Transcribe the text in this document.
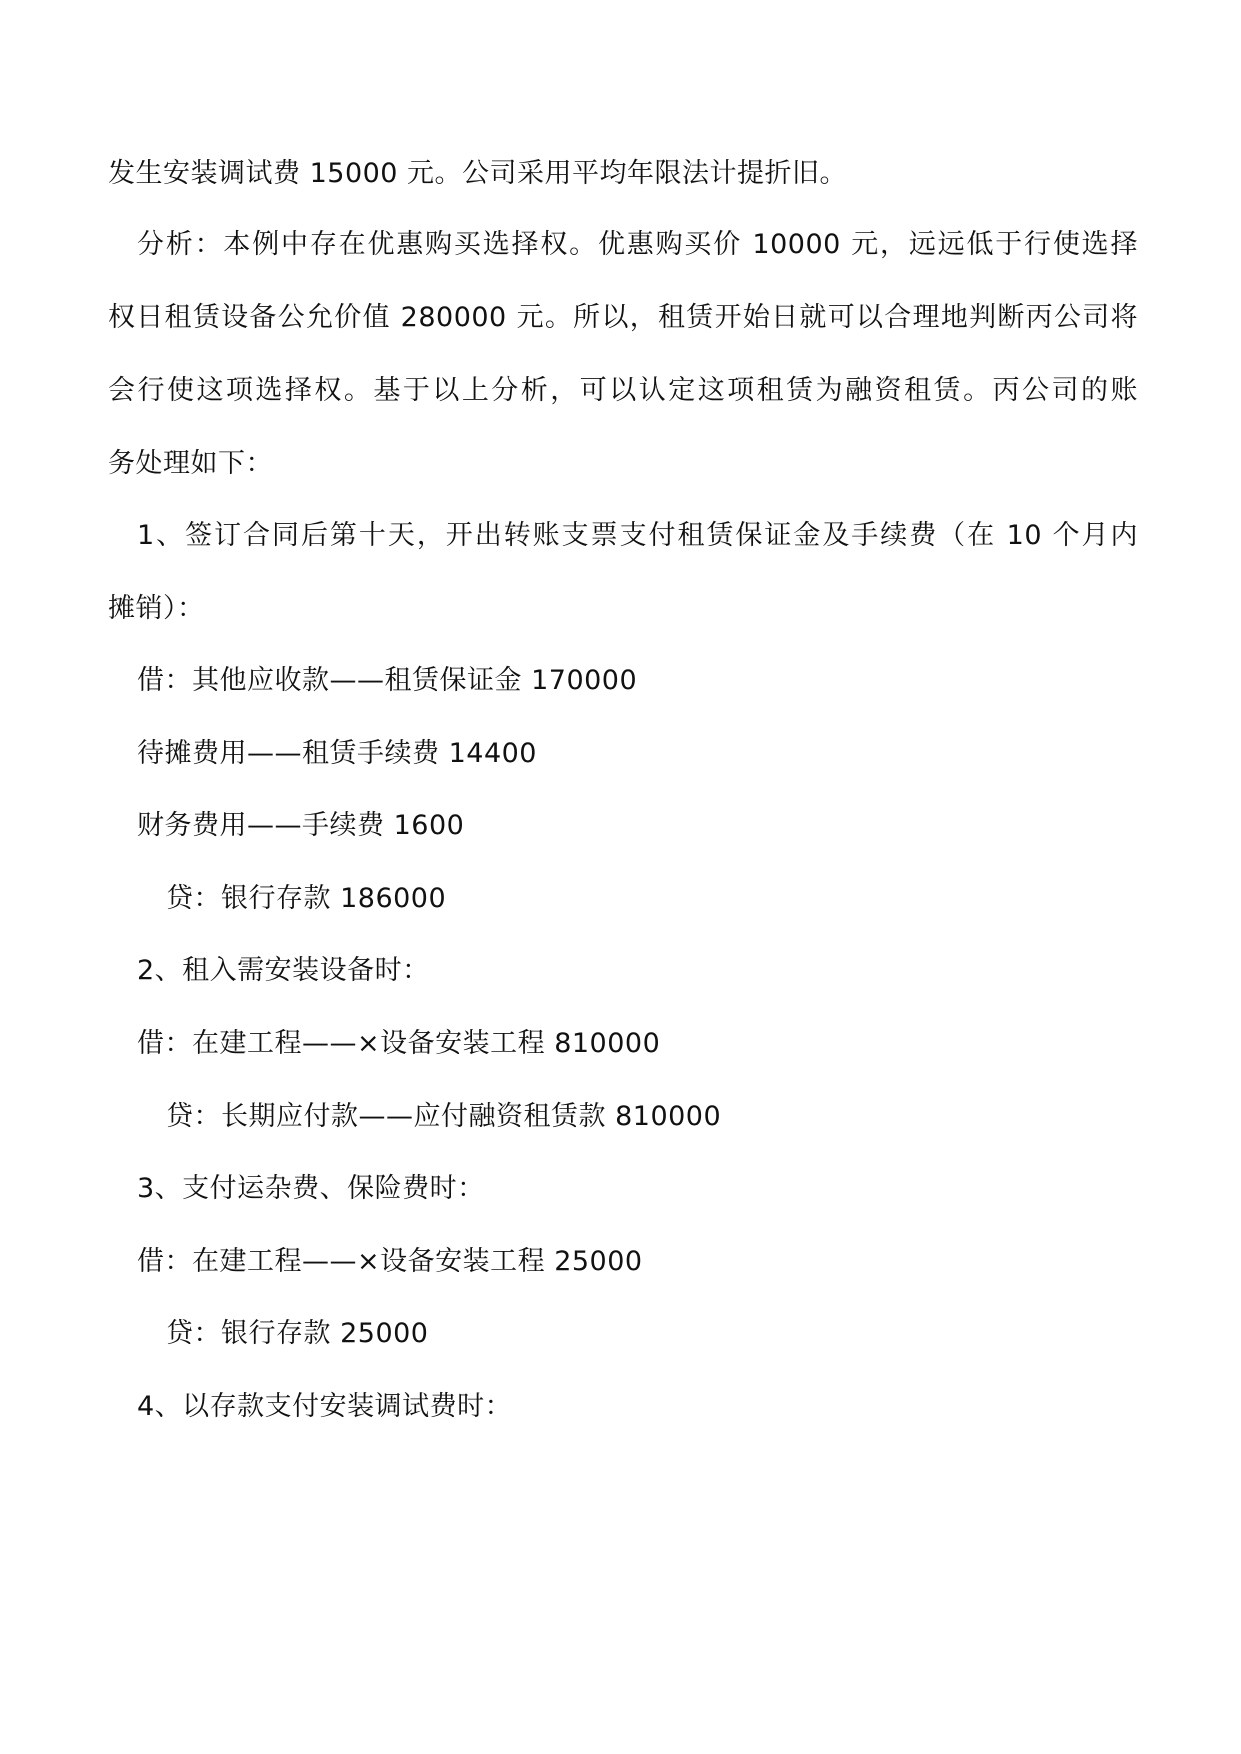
发生安装调试费 15000 元。公司采用平均年限法计提折旧。
分析：本例中存在优惠购买选择权。优惠购买价 10000 元，远远低于行使选择
权日租赁设备公允价值 280000 元。所以，租赁开始日就可以合理地判断丙公司将
会行使这项选择权。基于以上分析，可以认定这项租赁为融资租赁。丙公司的账
务处理如下：
1、签订合同后第十天，开出转账支票支付租赁保证金及手续费（在 10 个月内
摊销）：
借：其他应收款——租赁保证金 170000
待摊费用——租赁手续费 14400
财务费用——手续费 1600
贷：银行存款 186000
2、租入需安装设备时：
借：在建工程——×设备安装工程 810000
贷：长期应付款——应付融资租赁款 810000
3、支付运杂费、保险费时：
借：在建工程——×设备安装工程 25000
贷：银行存款 25000
4、以存款支付安装调试费时：
